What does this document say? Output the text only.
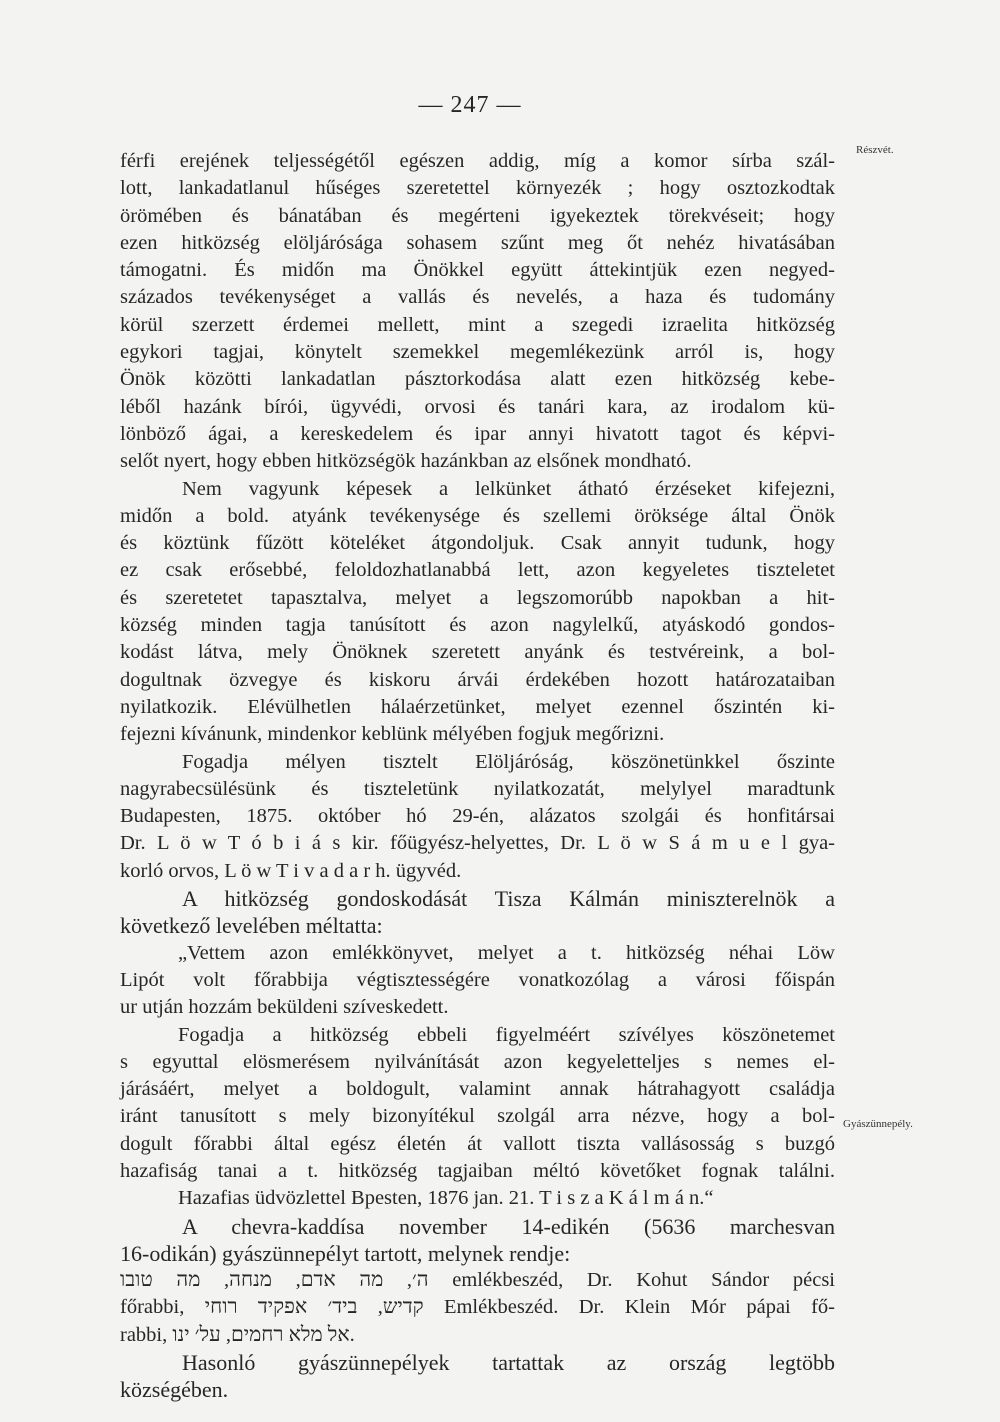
— 247 —
Részvét.
Gyászünnepély.
férfi erejének teljességétől egészen addig, míg a komor sírba szál-
lott, lankadatlanul hűséges szeretettel környezék ; hogy osztozkodtak
örömében és bánatában és megérteni igyekeztek törekvéseit; hogy
ezen hitközség elöljárósága sohasem szűnt meg őt nehéz hivatásában
támogatni. És midőn ma Önökkel együtt áttekintjük ezen negyed-
százados tevékenységet a vallás és nevelés, a haza és tudomány
körül szerzett érdemei mellett, mint a szegedi izraelita hitközség
egykori tagjai, könytelt szemekkel megemlékezünk arról is, hogy
Önök közötti lankadatlan pásztorkodása alatt ezen hitközség kebe-
léből hazánk bírói, ügyvédi, orvosi és tanári kara, az irodalom kü-
lönböző ágai, a kereskedelem és ipar annyi hivatott tagot és képvi-
selőt nyert, hogy ebben hitközségök hazánkban az elsőnek mondható.
Nem vagyunk képesek a lelkünket átható érzéseket kifejezni,
midőn a bold. atyánk tevékenysége és szellemi öröksége által Önök
és köztünk fűzött köteléket átgondoljuk. Csak annyit tudunk, hogy
ez csak erősebbé, feloldozhatlanabbá lett, azon kegyeletes tiszteletet
és szeretetet tapasztalva, melyet a legszomorúbb napokban a hit-
község minden tagja tanúsított és azon nagylelkű, atyáskodó gondos-
kodást látva, mely Önöknek szeretett anyánk és testvéreink, a bol-
dogultnak özvegye és kiskoru árvái érdekében hozott határozataiban
nyilatkozik. Elévülhetlen hálaérzetünket, melyet ezennel őszintén ki-
fejezni kívánunk, mindenkor keblünk mélyében fogjuk megőrizni.
Fogadja mélyen tisztelt Elöljáróság, köszönetünkkel őszinte
nagyrabecsülésünk és tiszteletünk nyilatkozatát, melylyel maradtunk
Budapesten, 1875. október hó 29-én, alázatos szolgái és honfitársai
Dr. L ö w T ó b i á s kir. főügyész-helyettes, Dr. L ö w S á m u e l gya-
korló orvos, L ö w T i v a d a r h. ügyvéd.
A hitközség gondoskodását Tisza Kálmán miniszterelnök a
következő levelében méltatta:
„Vettem azon emlékkönyvet, melyet a t. hitközség néhai Löw
Lipót volt főrabbija végtisztességére vonatkozólag a városi főispán
ur utján hozzám beküldeni szíveskedett.
Fogadja a hitközség ebbeli figyelméért szívélyes köszönetemet
s egyuttal elösmerésem nyilvánítását azon kegyeletteljes s nemes el-
járásáért, melyet a boldogult, valamint annak hátrahagyott családja
iránt tanusított s mely bizonyítékul szolgál arra nézve, hogy a bol-
dogult főrabbi által egész életén át vallott tiszta vallásosság s buzgó
hazafiság tanai a t. hitközség tagjaiban méltó követőket fognak találni.
Hazafias üdvözlettel Bpesten, 1876 jan. 21. T i s z a K á l m á n.“
A chevra-kaddísa november 14-edikén (5636 marchesvan
16-odikán) gyászünnepélyt tartott, melynek rendje:
ה׳, מה אדם, מנחה, מה טובו emlékbeszéd, Dr. Kohut Sándor pécsi
főrabbi, קדיש, ביד׳ אפקיד רוחי Emlékbeszéd. Dr. Klein Mór pápai fő-
rabbi, אל מלא רחמים, על׳ ינו.
Hasonló gyászünnepélyek tartattak az ország legtöbb
községében.
